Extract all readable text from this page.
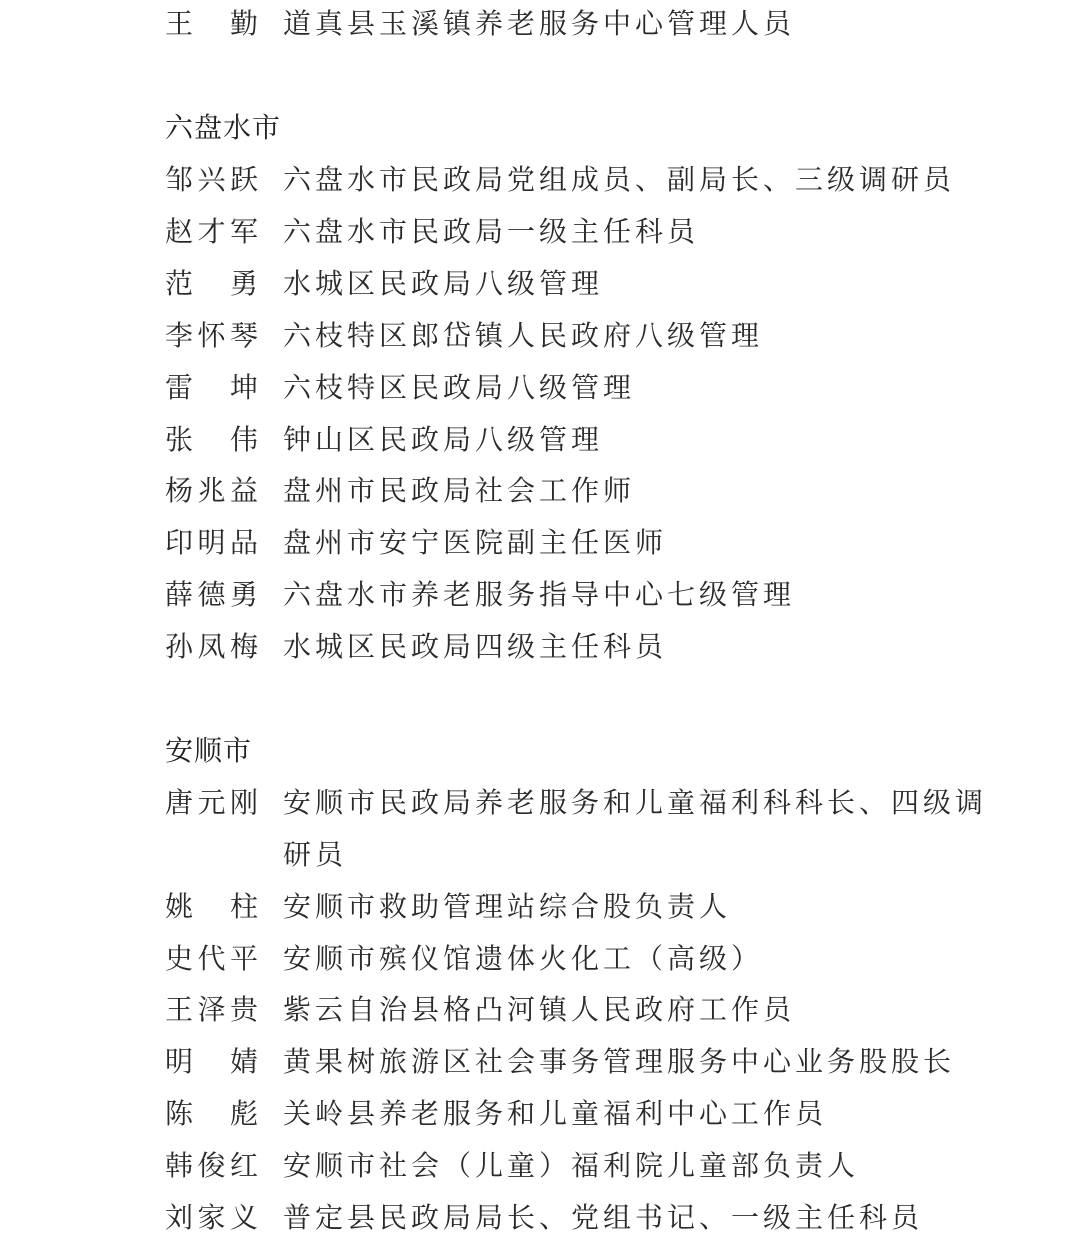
王 勤 道真县玉溪镇养老服务中心管理人员
六盘水市
邹 兴 跃 六盘水市民政局党组成员、副局长、三级调研员
赵 才 军 六盘水市民政局一级主任科员
范 勇 水城区民政局八级管理
李 怀 琴 六枝特区郎岱镇人民政府八级管理
雷 坤 六枝特区民政局八级管理
张 伟 钟山区民政局八级管理
杨 兆 益 盘州市民政局社会工作师
印 明 品 盘州市安宁医院副主任医师
薛 德 勇 六盘水市养老服务指导中心七级管理
孙 凤 梅 水城区民政局四级主任科员
安顺市
唐 元 刚 安顺市民政局养老服务和儿童福利科科长、四级调
研员
姚 柱 安顺市救助管理站综合股负责人
史 代 平 安顺市殡仪馆遗体火化工（高级）
王 泽 贵 紫云自治县格凸河镇人民政府工作员
明 婧 黄果树旅游区社会事务管理服务中心业务股股长
陈 彪 关岭县养老服务和儿童福利中心工作员
韩 俊 红 安顺市社会（儿童）福利院儿童部负责人
刘 家 义 普定县民政局局长、党组书记、一级主任科员
